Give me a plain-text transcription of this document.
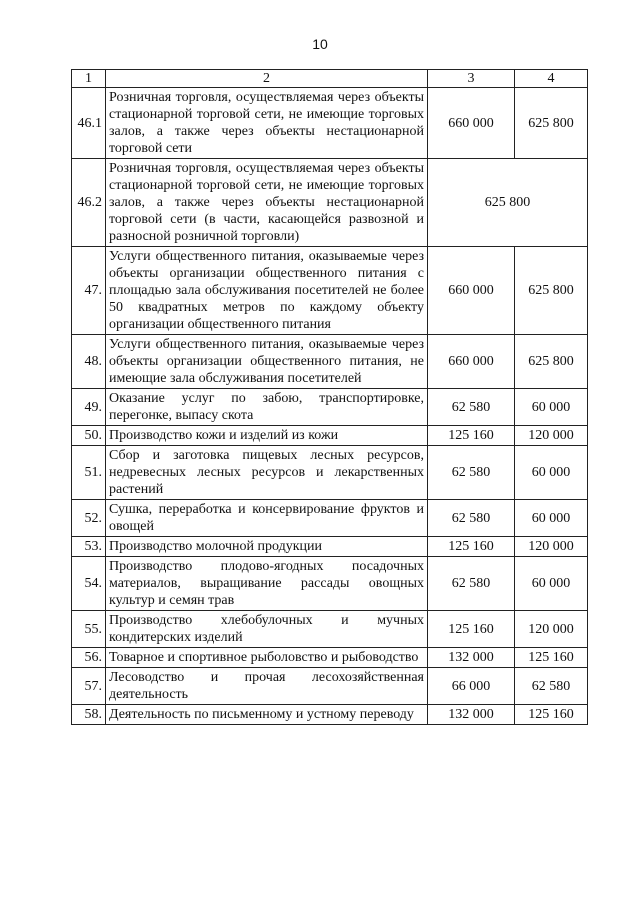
10
1	2	3	4
46.1	Розничная торговля, осуществляемая через объекты стационарной торговой сети, не имеющие торговых залов, а также через объекты нестационарной торговой сети	660 000	625 800
46.2	Розничная торговля, осуществляемая через объекты стационарной торговой сети, не имеющие торговых залов, а также через объекты нестационарной торговой сети (в части, касающейся развозной и разносной розничной торговли)	625 800	
47.	Услуги общественного питания, оказываемые через объекты организации общественного питания с площадью зала обслуживания посетителей не более 50 квадратных метров по каждому объекту организации общественного питания	660 000	625 800
48.	Услуги общественного питания, оказываемые через объекты организации общественного питания, не имеющие зала обслуживания посетителей	660 000	625 800
49.	Оказание услуг по забою, транспортировке, перегонке, выпасу скота	62 580	60 000
50.	Производство кожи и изделий из кожи	125 160	120 000
51.	Сбор и заготовка пищевых лесных ресурсов, недревесных лесных ресурсов и лекарственных растений	62 580	60 000
52.	Сушка, переработка и консервирование фруктов и овощей	62 580	60 000
53.	Производство молочной продукции	125 160	120 000
54.	Производство плодово-ягодных посадочных материалов, выращивание рассады овощных культур и семян трав	62 580	60 000
55.	Производство хлебобулочных и мучных кондитерских изделий	125 160	120 000
56.	Товарное и спортивное рыболовство и рыбоводство	132 000	125 160
57.	Лесоводство и прочая лесохозяйственная деятельность	66 000	62 580
58.	Деятельность по письменному и устному переводу	132 000	125 160
